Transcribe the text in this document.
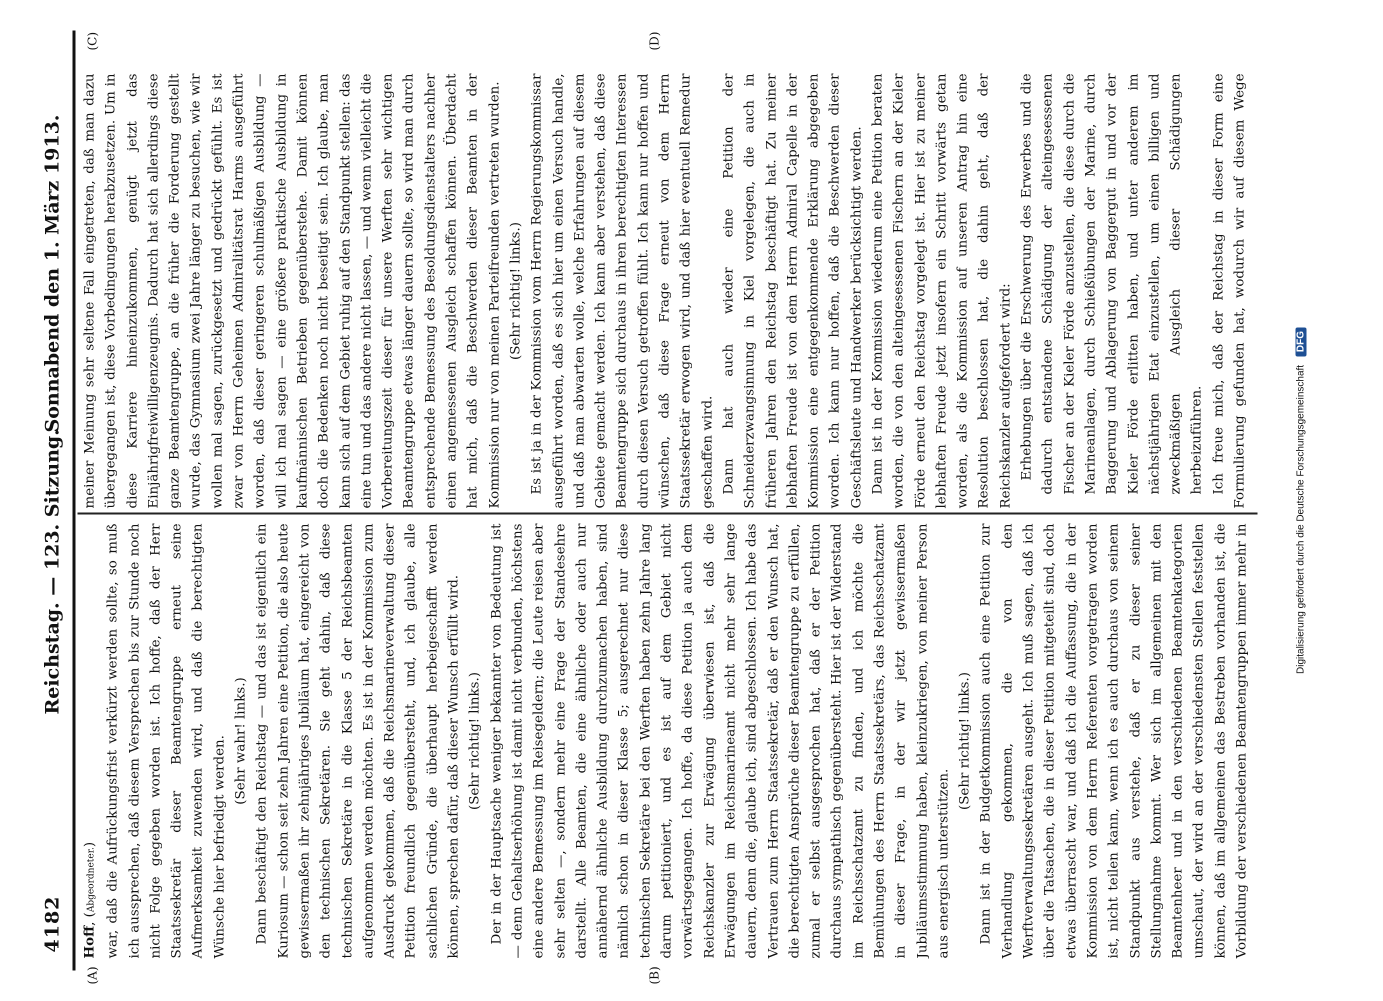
4182
Reichstag. — 123. Sitzung.
Sonnabend den 1. März 1913.
(A)	(B)
(C)	(D)

Hoff, (Abgeordneter.) war, daß die Aufrückungsfrist verkürzt werden sollte, so muß ich aussprechen, daß diesem Versprechen bis zur Stunde noch nicht Folge gegeben worden ist. Ich hoffe, daß der Herr Staatssekretär dieser Beamtengruppe erneut seine Aufmerksamkeit zuwenden wird, und daß die berechtigten Wünsche hier befriedigt werden. (Sehr wahr! links.) Dann beschäftigt den Reichstag — und das ist eigentlich ein Kuriosum — schon seit zehn Jahren eine Petition, die also heute gewissermaßen ihr zehnjähriges Jubiläum hat, eingereicht von den technischen Sekretären. Sie geht dahin, daß diese technischen Sekretäre in die Klasse 5 der Reichsbeamten aufgenommen werden möchten. Es ist in der Kommission zum Ausdruck gekommen, daß die Reichsmarineverwaltung dieser Petition freundlich gegenübersteht, und, ich glaube, alle sachlichen Gründe, die überhaupt herbeigeschafft werden können, sprechen dafür, daß dieser Wunsch erfüllt wird. (Sehr richtig! links.) Der in der Hauptsache weniger bekannter von Bedeutung ist — denn Gehaltserhöhung ist damit nicht verbunden, höchstens eine andere Bemessung im Reisegeldern; die Leute reisen aber sehr selten —, sondern mehr eine Frage der Standesehre darstellt. Alle Beamten, die eine ähnliche oder auch nur annähernd ähnliche Ausbildung durchzumachen haben, sind nämlich schon in dieser Klasse 5; ausgerechnet nur diese technischen Sekretäre bei den Werften haben zehn Jahre lang darum petitioniert, und es ist auf dem Gebiet nicht vorwärtsgegangen. Ich hoffe, da diese Petition ja auch dem Reichskanzler zur Erwägung überwiesen ist, daß die Erwägungen im Reichsmarineamt nicht mehr sehr lange dauern, denn die, glaube ich, sind abgeschlossen. Ich habe das Vertrauen zum Herrn Staatssekretär, daß er den Wunsch hat, die berechtigten Ansprüche dieser Beamtengruppe zu erfüllen, zumal er selbst ausgesprochen hat, daß er der Petition durchaus sympathisch gegenübersteht. Hier ist der Widerstand im Reichsschatzamt zu finden, und ich möchte die Bemühungen des Herrn Staatssekretärs, das Reichsschatzamt in dieser Frage, in der wir jetzt gewissermaßen Jubiläumsstimmung haben, kleinzukriegen, von meiner Person aus energisch unterstützen.

(Sehr richtig! links.)

Dann ist in der Budgetkommission auch eine Petition zur Verhandlung gekommen, die von den Werftverwaltungssekretären ausgeht. Ich muß sagen, daß ich über die Tatsachen, die in dieser Petition mitgeteilt sind, doch etwas überrascht war, und daß ich die Auffassung, die in der Kommission von dem Herrn Referenten vorgetragen worden ist, nicht teilen kann, wenn ich es auch durchaus von seinem Standpunkt aus verstehe, daß er zu dieser seiner Stellungnahme kommt. Wer sich im allgemeinen mit den Beamtenheer und in den verschiedenen Beamtenkategorien umschaut, der wird an der verschiedensten Stellen feststellen können, daß im allgemeinen das Bestreben vorhanden ist, die Vorbildung der verschiedenen Beamtengruppen immer mehr in

meiner Meinung sehr seltene Fall eingetreten, daß man dazu übergegangen ist, diese Vorbedingungen herabzusetzen. Um in diese Karriere hineinzukommen, genügt jetzt das Einjährigfreiwilligenzeugnis. Dadurch hat sich allerdings diese ganze Beamtengruppe, an die früher die Forderung gestellt wurde, das Gymnasium zwei Jahre länger zu besuchen, wie wir wollen mal sagen, zurückgesetzt und gedrückt gefühlt. Es ist zwar von Herrn Geheimen Admiralitätsrat Harms ausgeführt worden, daß dieser geringeren schulmäßigen Ausbildung — will ich mal sagen — eine größere praktische Ausbildung in kaufmännischen Betrieben gegenüberstehe. Damit können doch die Bedenken noch nicht beseitigt sein. Ich glaube, man kann sich auf dem Gebiet ruhig auf den Standpunkt stellen: das eine tun und das andere nicht lassen, — und wenn vielleicht die Vorbereitungszeit dieser für unsere Werften sehr wichtigen Beamtengruppe etwas länger dauern sollte, so wird man durch entsprechende Bemessung des Besoldungsdienstalters nachher einen angemessenen Ausgleich schaffen können. Überdacht hat mich, daß die Beschwerden dieser Beamten in der Kommission nur von meinen Parteifreunden vertreten wurden. (Sehr richtig! links.) Es ist ja in der Kommission vom Herrn Regierungskommissar ausgeführt worden, daß es sich hier um einen Versuch handle, und daß man abwarten wolle, welche Erfahrungen auf diesem Gebiete gemacht werden. Ich kann aber verstehen, daß diese Beamtengruppe sich durchaus in ihren berechtigten Interessen durch diesen Versuch getroffen fühlt. Ich kann nur hoffen und wünschen, daß diese Frage erneut von dem Herrn Staatssekretär erwogen wird, und daß hier eventuell Remedur geschaffen wird. Dann hat auch wieder eine Petition der Schneiderzwangsinnung in Kiel vorgelegen, die auch in früheren Jahren den Reichstag beschäftigt hat. Zu meiner lebhaften Freude ist von dem Herrn Admiral Capelle in der Kommission eine entgegenkommende Erklärung abgegeben worden. Ich kann nur hoffen, daß die Beschwerden dieser Geschäftsleute und Handwerker berücksichtigt werden. Dann ist in der Kommission wiederum eine Petition beraten worden, die von den alteingesessenen Fischern an der Kieler Förde erneut den Reichstag vorgelegt ist. Hier ist zu meiner lebhaften Freude jetzt insofern ein Schritt vorwärts getan worden, als die Kommission auf unseren Antrag hin eine Resolution beschlossen hat, die dahin geht, daß der Reichskanzler aufgefordert wird: Erhebungen über die Erschwerung des Erwerbes und die dadurch entstandene Schädigung der alteingesessenen Fischer an der Kieler Förde anzustellen, die diese durch die Marineanlagen, durch Schießübungen der Marine, durch Baggerung und Ablagerung von Baggergut in und vor der Kieler Förde erlitten haben, und unter anderem im nächstjährigen Etat einzustellen, um einen billigen und zweckmäßigen Ausgleich dieser Schädigungen herbeizuführen. Ich freue mich, daß der Reichstag in dieser Form eine Formulierung gefunden hat, wodurch wir auf diesem Wege

Digitalisierung gefördert durch die Deutsche Forschungsgemeinschaft DFG
